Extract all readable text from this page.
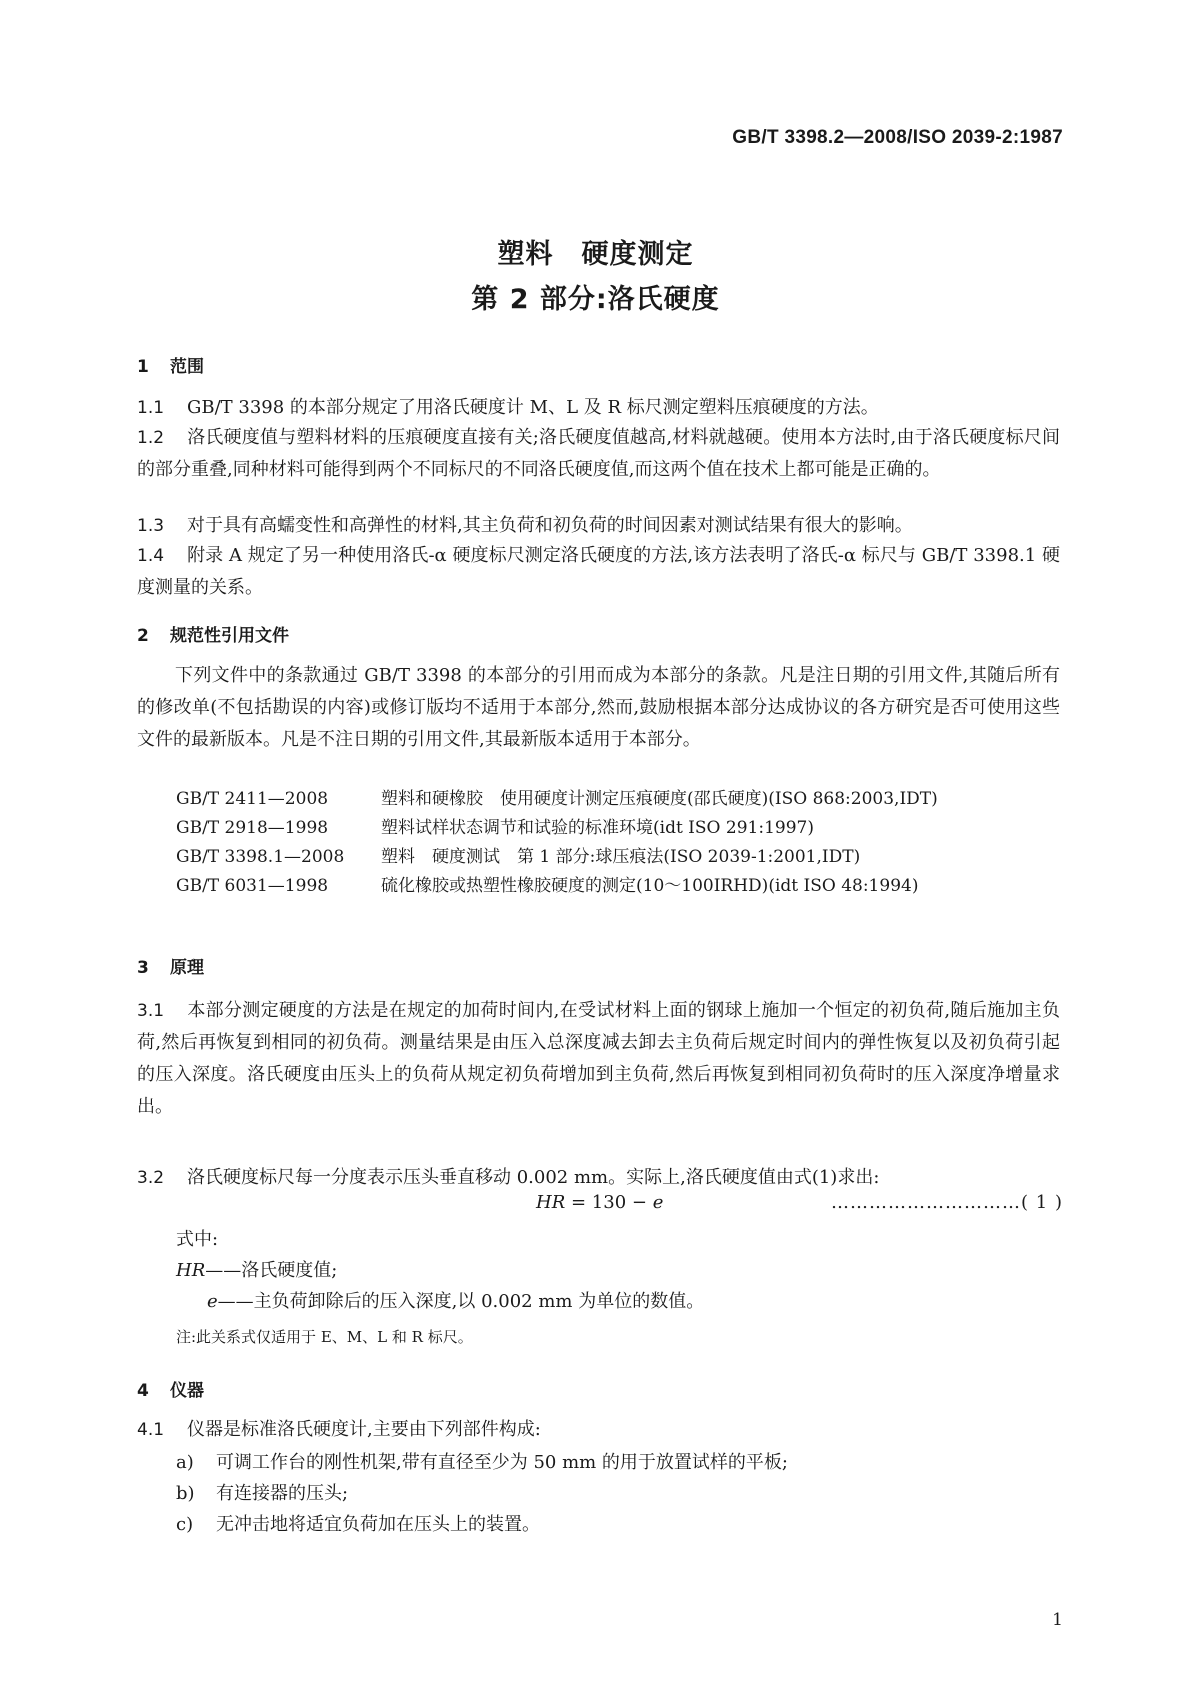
GB/T 3398.2—2008/ISO 2039-2:1987
塑料　硬度测定
第 2 部分:洛氏硬度
1 范围
1.1 GB/T 3398 的本部分规定了用洛氏硬度计 M、L 及 R 标尺测定塑料压痕硬度的方法。
1.2 洛氏硬度值与塑料材料的压痕硬度直接有关;洛氏硬度值越高,材料就越硬。使用本方法时,由于洛氏硬度标尺间的部分重叠,同种材料可能得到两个不同标尺的不同洛氏硬度值,而这两个值在技术上都可能是正确的。
1.3 对于具有高蠕变性和高弹性的材料,其主负荷和初负荷的时间因素对测试结果有很大的影响。
1.4 附录 A 规定了另一种使用洛氏-α 硬度标尺测定洛氏硬度的方法,该方法表明了洛氏-α 标尺与 GB/T 3398.1 硬度测量的关系。
2 规范性引用文件
下列文件中的条款通过 GB/T 3398 的本部分的引用而成为本部分的条款。凡是注日期的引用文件,其随后所有的修改单(不包括勘误的内容)或修订版均不适用于本部分,然而,鼓励根据本部分达成协议的各方研究是否可使用这些文件的最新版本。凡是不注日期的引用文件,其最新版本适用于本部分。
GB/T 2411—2008	塑料和硬橡胶　使用硬度计测定压痕硬度(邵氏硬度)(ISO 868:2003,IDT)
GB/T 2918—1998	塑料试样状态调节和试验的标准环境(idt ISO 291:1997)
GB/T 3398.1—2008 塑料　硬度测试　第 1 部分:球压痕法(ISO 2039-1:2001,IDT)
GB/T 6031—1998	硫化橡胶或热塑性橡胶硬度的测定(10～100IRHD)(idt ISO 48:1994)
3 原理
3.1 本部分测定硬度的方法是在规定的加荷时间内,在受试材料上面的钢球上施加一个恒定的初负荷,随后施加主负荷,然后再恢复到相同的初负荷。测量结果是由压入总深度减去卸去主负荷后规定时间内的弹性恢复以及初负荷引起的压入深度。洛氏硬度由压头上的负荷从规定初负荷增加到主负荷,然后再恢复到相同初负荷时的压入深度净增量求出。
3.2 洛氏硬度标尺每一分度表示压头垂直移动 0.002 mm。实际上,洛氏硬度值由式(1)求出:
HR = 130 − e	…………………………( 1 )
式中:
HR——洛氏硬度值;
e——主负荷卸除后的压入深度,以 0.002 mm 为单位的数值。
注:此关系式仅适用于 E、M、L 和 R 标尺。
4 仪器
4.1 仪器是标准洛氏硬度计,主要由下列部件构成:
a) 可调工作台的刚性机架,带有直径至少为 50 mm 的用于放置试样的平板;
b) 有连接器的压头;
c) 无冲击地将适宜负荷加在压头上的装置。
1
